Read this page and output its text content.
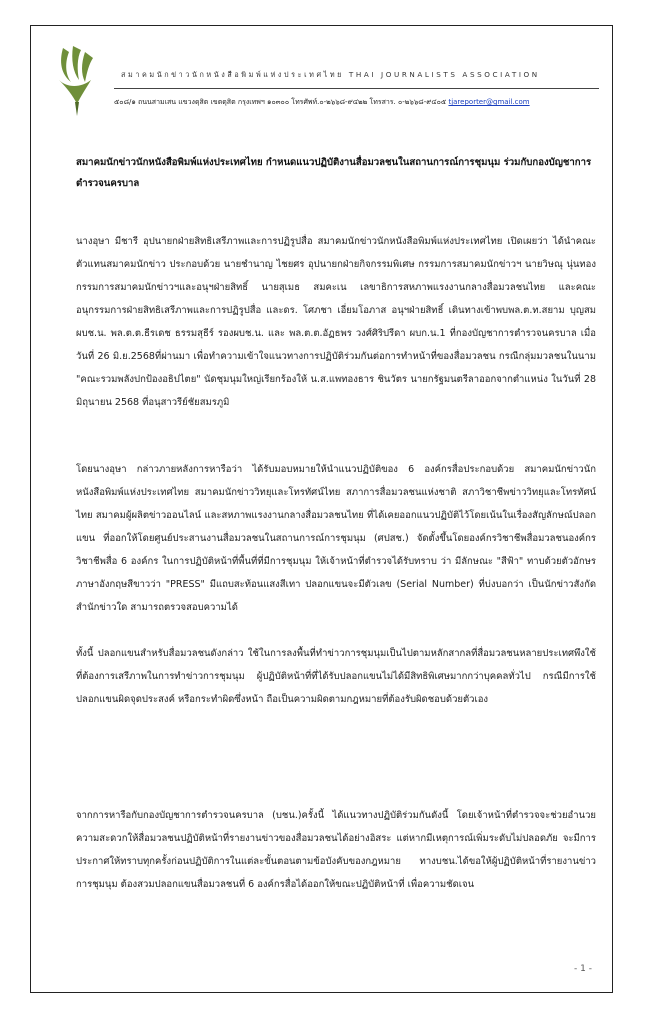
สมาคมนักข่าวนักหนังสือพิมพ์แห่งประเทศไทย THAI JOURNALISTS ASSOCIATION
๕๐๘/๑ ถนนสามเสน แขวงดุสิต เขตดุสิต กรุงเทพฯ ๑๐๓๐๐ โทรศัพท์.๐-๒๖๖๘-๙๔๒๒ โทรสาร. ๐-๒๖๖๘-๙๔๐๕ tjareporter@gmail.com
สมาคมนักข่าวนักหนังสือพิมพ์แห่งประเทศไทย กำหนดแนวปฏิบัติงานสื่อมวลชนในสถานการณ์การชุมนุม ร่วมกับกองบัญชาการตำรวจนครบาล
นางอุษา มีชารี อุปนายกฝ่ายสิทธิเสรีภาพและการปฏิรูปสื่อ สมาคมนักข่าวนักหนังสือพิมพ์แห่งประเทศไทย เปิดเผยว่า ได้นำคณะตัวแทนสมาคมนักข่าว ประกอบด้วย นายชำนาญ ไชยศร อุปนายกฝ่ายกิจกรรมพิเศษ กรรมการสมาคมนักข่าวฯ นายวิษณุ นุ่นทอง กรรมการสมาคมนักข่าวฯและอนุฯฝ่ายสิทธิ์ นายสุเมธ สมคะเน เลขาธิการสหภาพแรงงานกลางสื่อมวลชนไทย และคณะอนุกรรมการฝ่ายสิทธิเสรีภาพและการปฏิรูปสื่อ และดร. โศภชา เอี่ยมโอภาส อนุฯฝ่ายสิทธิ์ เดินทางเข้าพบพล.ต.ท.สยาม บุญสม ผบช.น. พล.ต.ต.ธีรเดช ธรรมสุธีร์ รองผบช.น. และ พล.ต.ต.อัฏธพร วงศ์ศิริปรีดา ผบก.น.1 ที่กองบัญชาการตำรวจนครบาล เมื่อวันที่ 26 มิ.ย.2568ที่ผ่านมา เพื่อทำความเข้าใจแนวทางการปฏิบัติร่วมกันต่อการทำหน้าที่ของสื่อมวลชน กรณีกลุ่มมวลชนในนาม "คณะรวมพลังปกป้องอธิปไตย" นัดชุมนุมใหญ่เรียกร้องให้ น.ส.แพทองธาร ชินวัตร นายกรัฐมนตรีลาออกจากตำแหน่ง ในวันที่ 28 มิถุนายน 2568 ที่อนุสาวรีย์ชัยสมรภูมิ
โดยนางอุษา กล่าวภายหลังการหารือว่า ได้รับมอบหมายให้นำแนวปฏิบัติของ 6 องค์กรสื่อประกอบด้วย สมาคมนักข่าวนักหนังสือพิมพ์แห่งประเทศไทย สมาคมนักข่าววิทยุและโทรทัศน์ไทย สภาการสื่อมวลชนแห่งชาติ สภาวิชาชีพข่าววิทยุและโทรทัศน์ไทย สมาคมผู้ผลิตข่าวออนไลน์ และสหภาพแรงงานกลางสื่อมวลชนไทย ที่ได้เคยออกแนวปฏิบัติไว้โดยเน้นในเรื่องสัญลักษณ์ปลอกแขน ที่ออกให้โดยศูนย์ประสานงานสื่อมวลชนในสถานการณ์การชุมนุม (ศปสช.) จัดตั้งขึ้นโดยองค์กรวิชาชีพสื่อมวลชนองค์กรวิชาชีพสื่อ 6 องค์กร ในการปฏิบัติหน้าที่พื้นที่ที่มีการชุมนุม ให้เจ้าหน้าที่ตำรวจได้รับทราบ ว่า มีลักษณะ "สีฟ้า" ทาบด้วยตัวอักษรภาษาอังกฤษสีขาวว่า "PRESS" มีแถบสะท้อนแสงสีเทา ปลอกแขนจะมีตัวเลข (Serial Number) ที่บ่งบอกว่า เป็นนักข่าวสังกัดสำนักข่าวใด สามารถตรวจสอบความได้
ทั้งนี้ ปลอกแขนสำหรับสื่อมวลชนดังกล่าว ใช้ในการลงพื้นที่ทำข่าวการชุมนุมเป็นไปตามหลักสากลที่สื่อมวลชนหลายประเทศพึงใช้ที่ต้องการเสรีภาพในการทำข่าวการชุมนุม ผู้ปฏิบัติหน้าที่ที่ได้รับปลอกแขนไม่ได้มีสิทธิพิเศษมากกว่าบุคคลทั่วไป กรณีมีการใช้ปลอกแขนผิดจุดประสงค์ หรือกระทำผิดซึ่งหน้า ถือเป็นความผิดตามกฎหมายที่ต้องรับผิดชอบด้วยตัวเอง
จากการหารือกับกองบัญชาการตำรวจนครบาล (บชน.)ครั้งนี้ ได้แนวทางปฏิบัติร่วมกันดังนี้ โดยเจ้าหน้าที่ตำรวจจะช่วยอำนวยความสะดวกให้สื่อมวลชนปฏิบัติหน้าที่รายงานข่าวของสื่อมวลชนได้อย่างอิสระ แต่หากมีเหตุการณ์เพิ่มระดับไม่ปลอดภัย จะมีการประกาศให้ทราบทุกครั้งก่อนปฏิบัติการในแต่ละขั้นตอนตามข้อบังคับของกฎหมาย ทางบชน.ได้ขอให้ผู้ปฏิบัติหน้าที่รายงานข่าวการชุมนุม ต้องสวมปลอกแขนสื่อมวลชนที่ 6 องค์กรสื่อได้ออกให้ขณะปฏิบัติหน้าที่ เพื่อความชัดเจน
- 1 -
